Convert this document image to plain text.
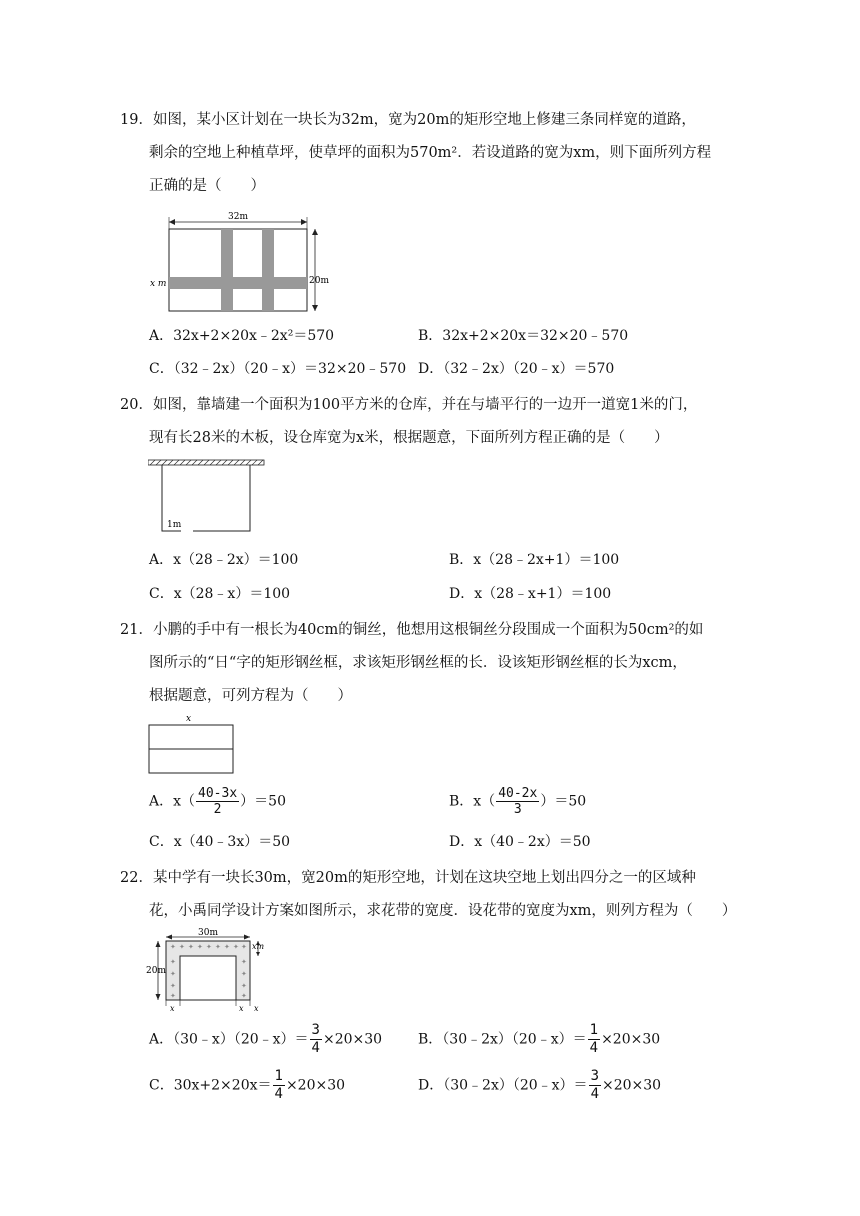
19．如图，某小区计划在一块长为32m，宽为20m的矩形空地上修建三条同样宽的道路，
剩余的空地上种植草坪，使草坪的面积为570m²．若设道路的宽为xm，则下面所列方程
正确的是（　　）
32m
20m
x m
A．32x+2×20x﹣2x²＝570	B．32x+2×20x＝32×20﹣570
C．（32﹣2x）（20﹣x）＝32×20﹣570 D．（32﹣2x）（20﹣x）＝570
20．如图，靠墙建一个面积为100平方米的仓库，并在与墙平行的一边开一道宽1米的门，
现有长28米的木板，设仓库宽为x米，根据题意，下面所列方程正确的是（　　）
1m
A．x（28﹣2x）＝100	B．x（28﹣2x+1）＝100
C．x（28﹣x）＝100	D．x（28﹣x+1）＝100
21．小鹏的手中有一根长为40cm的铜丝，他想用这根铜丝分段围成一个面积为50cm²的如
图所示的“日“字的矩形钢丝框，求该矩形钢丝框的长．设该矩形钢丝框的长为xcm，
根据题意，可列方程为（　　）
x
A．$x( \frac{40-3x}{2} )=50$	B．$x( \frac{40-2x}{3} )=50$
C．x（40﹣3x）＝50	D．x（40﹣2x）＝50
22．某中学有一块长30m，宽20m的矩形空地，计划在这块空地上划出四分之一的区域种
花，小禹同学设计方案如图所示，求花带的宽度．设花带的宽度为xm，则列方程为（　　）
30m
✦ ✦ ✦ ✦ ✦ ✦ ✦ ✦ ✦
✦
✦
✦
✦
✦
✦
✦
✦
20m
xm
x	x x
A．（30﹣x）（20﹣x）＝ $\frac{3}{4} \times 20\times 30$	B．（30﹣2x）（20﹣x）＝ $\frac{1}{4} \times 20\times 30$
C．$30x+2\times 20x= \frac{1}{4} \times 20\times 30$	D．（30﹣2x）（20﹣x）＝ $\frac{3}{4} \times 20\times 30$
